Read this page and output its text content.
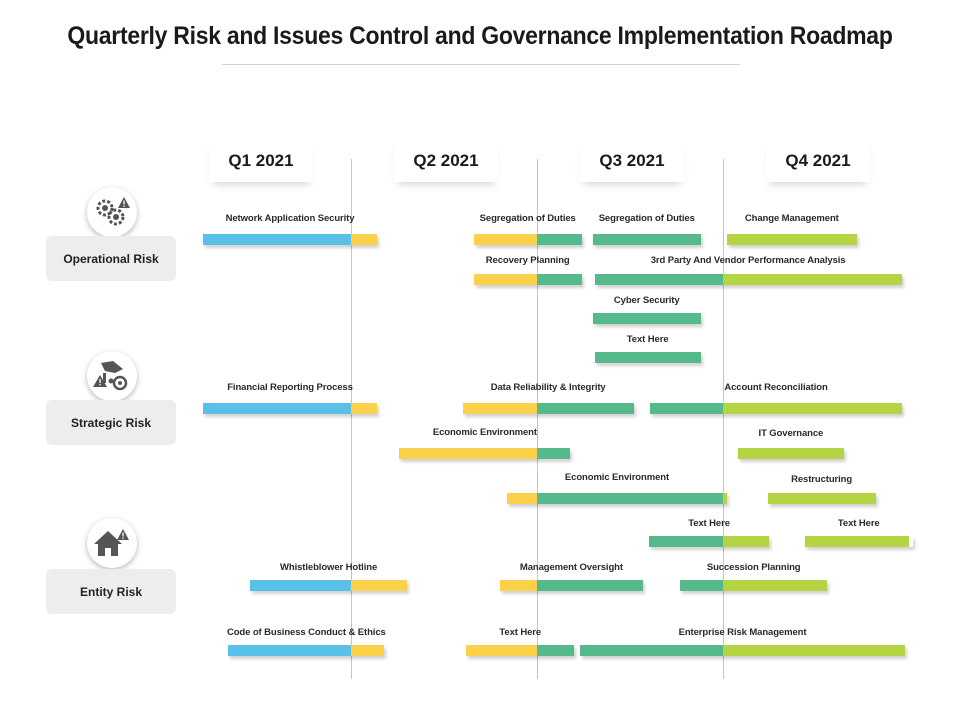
Quarterly Risk and Issues Control and Governance Implementation Roadmap
Q1 2021	Q2 2021	Q3 2021	Q4 2021
Operational Risk
Strategic Risk
Entity Risk
Network Application Security	Segregation of Duties Segregation of Duties	Change Management
Recovery Planning	3rd Party And Vendor Performance Analysis
Cyber Security
Text Here
Financial Reporting Process	Data Reliability & Integrity	Account Reconciliation
Economic Environment	IT Governance
Economic Environment	Restructuring
Text Here	Text Here
Whistleblower Hotline	Management Oversight	Succession Planning
Code of Business Conduct & Ethics	Text Here	Enterprise Risk Management
